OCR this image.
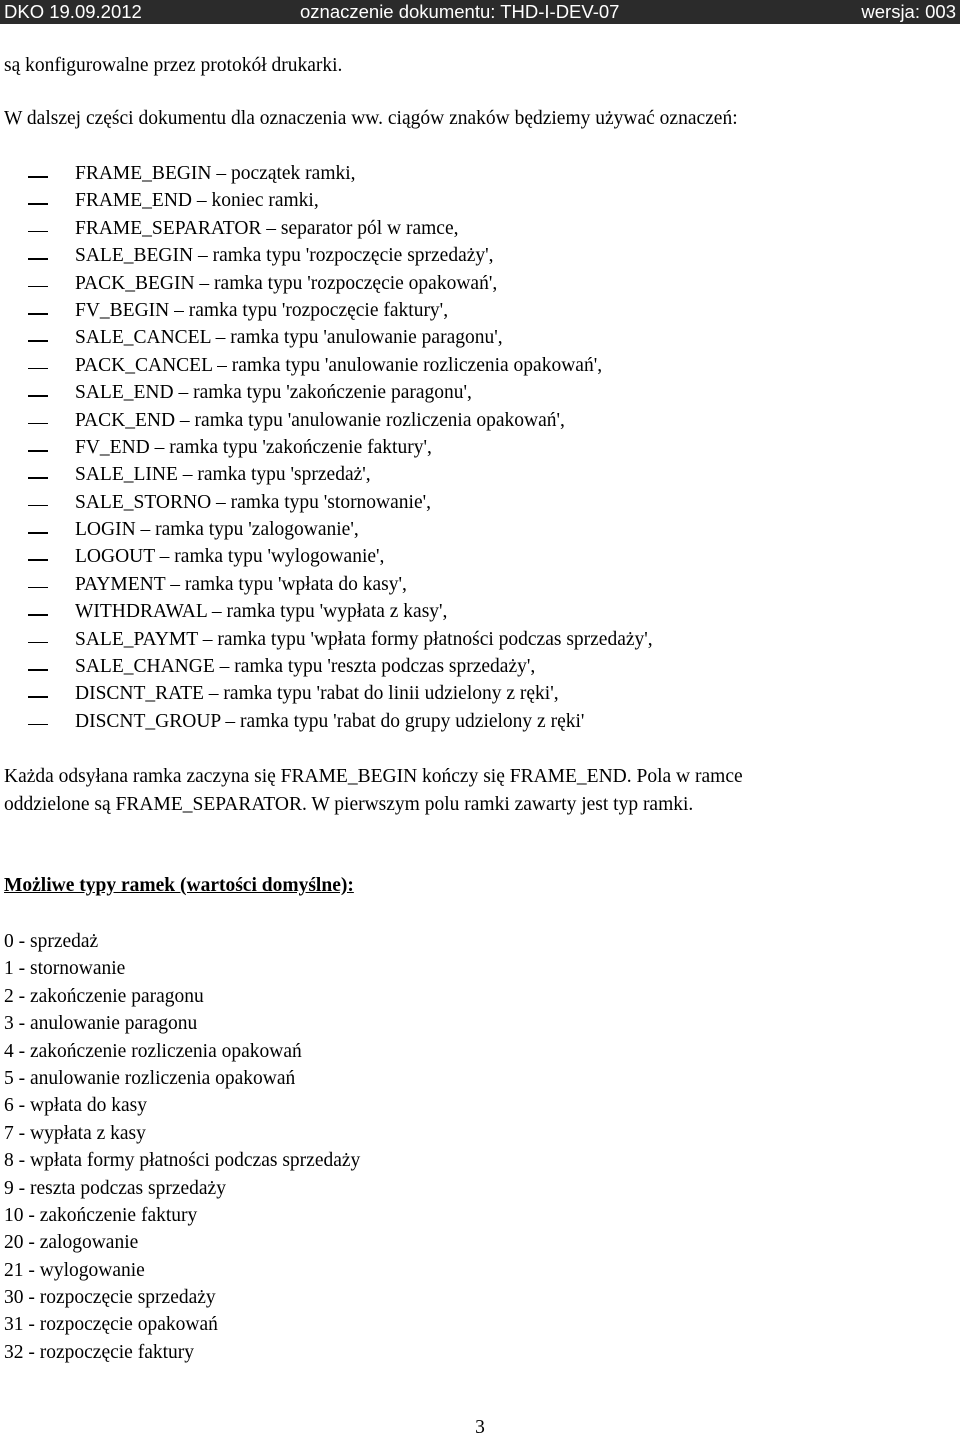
DKO 19.09.2012	oznaczenie dokumentu: THD-I-DEV-07	wersja: 003
są konfigurowalne przez protokół drukarki.
W dalszej części dokumentu dla oznaczenia ww. ciągów znaków będziemy używać oznaczeń:
FRAME_BEGIN – początek ramki,
FRAME_END – koniec ramki,
FRAME_SEPARATOR – separator pól w ramce,
SALE_BEGIN – ramka typu 'rozpoczęcie sprzedaży',
PACK_BEGIN – ramka typu 'rozpoczęcie opakowań',
FV_BEGIN – ramka typu 'rozpoczęcie faktury',
SALE_CANCEL – ramka typu 'anulowanie paragonu',
PACK_CANCEL – ramka typu 'anulowanie rozliczenia opakowań',
SALE_END – ramka typu 'zakończenie paragonu',
PACK_END – ramka typu 'anulowanie rozliczenia opakowań',
FV_END – ramka typu 'zakończenie faktury',
SALE_LINE – ramka typu 'sprzedaż',
SALE_STORNO – ramka typu 'stornowanie',
LOGIN – ramka typu 'zalogowanie',
LOGOUT – ramka typu 'wylogowanie',
PAYMENT – ramka typu 'wpłata do kasy',
WITHDRAWAL – ramka typu 'wypłata z kasy',
SALE_PAYMT – ramka typu 'wpłata formy płatności podczas sprzedaży',
SALE_CHANGE – ramka typu 'reszta podczas sprzedaży',
DISCNT_RATE – ramka typu 'rabat do linii udzielony z ręki',
DISCNT_GROUP – ramka typu 'rabat do grupy udzielony z ręki'
Każda odsyłana ramka zaczyna się FRAME_BEGIN kończy się FRAME_END. Pola w ramce
oddzielone są FRAME_SEPARATOR. W pierwszym polu ramki zawarty jest typ ramki.
Możliwe typy ramek (wartości domyślne):
0 - sprzedaż
1 - stornowanie
2 - zakończenie paragonu
3 - anulowanie paragonu
4 - zakończenie rozliczenia opakowań
5 - anulowanie rozliczenia opakowań
6 - wpłata do kasy
7 - wypłata z kasy
8 - wpłata formy płatności podczas sprzedaży
9 - reszta podczas sprzedaży
10 - zakończenie faktury
20 - zalogowanie
21 - wylogowanie
30 - rozpoczęcie sprzedaży
31 - rozpoczęcie opakowań
32 - rozpoczęcie faktury
3
